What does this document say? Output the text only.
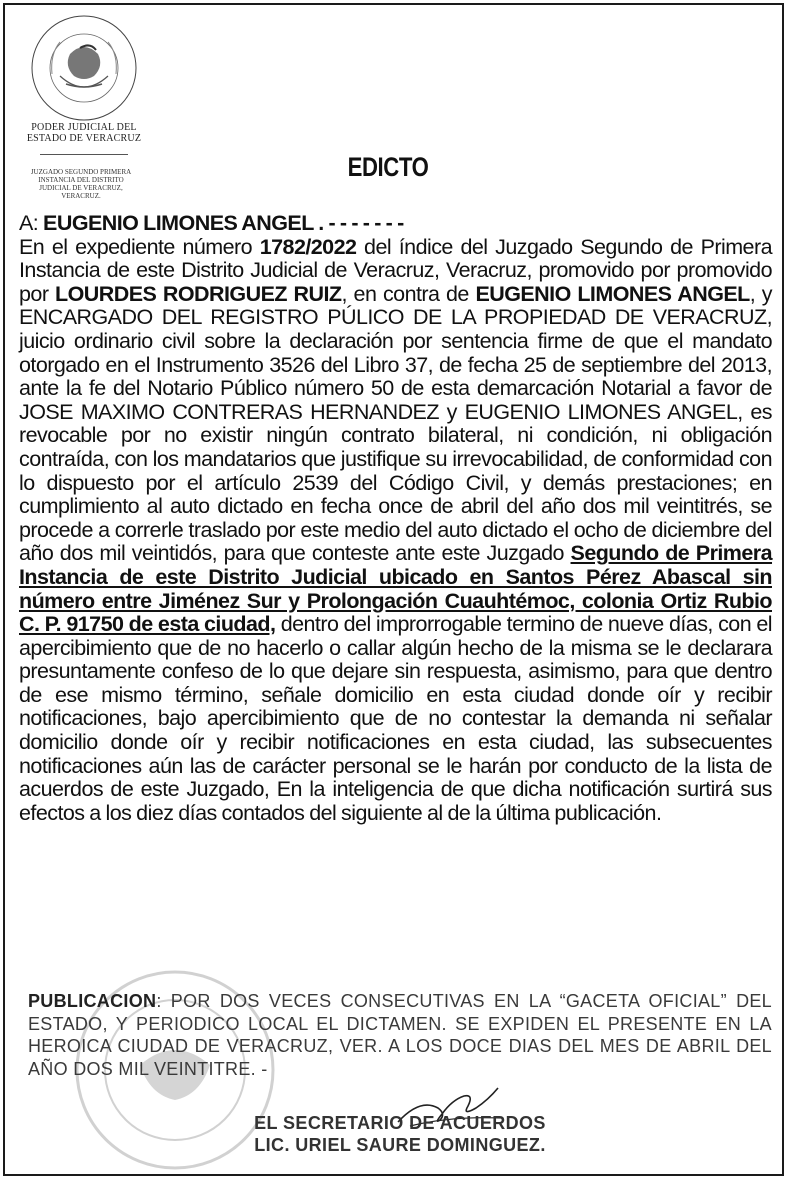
PODER JUDICIAL DEL ESTADO DE VERACRUZ
JUZGADO SEGUNDO PRIMERA INSTANCIA DEL DISTRITO JUDICIAL DE VERACRUZ, VERACRUZ.
EDICTO
A: EUGENIO LIMONES ANGEL . - - - - - - -
En el expediente número 1782/2022 del índice del Juzgado Segundo de Primera Instancia de este Distrito Judicial de Veracruz, Veracruz, promovido por promovido por LOURDES RODRIGUEZ RUIZ, en contra de EUGENIO LIMONES ANGEL, y ENCARGADO DEL REGISTRO PÚLICO DE LA PROPIEDAD DE VERACRUZ, juicio ordinario civil sobre la declaración por sentencia firme de que el mandato otorgado en el Instrumento 3526 del Libro 37, de fecha 25 de septiembre del 2013, ante la fe del Notario Público número 50 de esta demarcación Notarial a favor de JOSE MAXIMO CONTRERAS HERNANDEZ y EUGENIO LIMONES ANGEL, es revocable por no existir ningún contrato bilateral, ni condición, ni obligación contraída, con los mandatarios que justifique su irrevocabilidad, de conformidad con lo dispuesto por el artículo 2539 del Código Civil, y demás prestaciones; en cumplimiento al auto dictado en fecha once de abril del año dos mil veintitrés, se procede a correrle traslado por este medio del auto dictado el ocho de diciembre del año dos mil veintidós, para que conteste ante este Juzgado Segundo de Primera Instancia de este Distrito Judicial ubicado en Santos Pérez Abascal sin número entre Jiménez Sur y Prolongación Cuauhtémoc, colonia Ortiz Rubio C. P. 91750 de esta ciudad, dentro del improrrogable termino de nueve días, con el apercibimiento que de no hacerlo o callar algún hecho de la misma se le declarara presuntamente confeso de lo que dejare sin respuesta, asimismo, para que dentro de ese mismo término, señale domicilio en esta ciudad donde oír y recibir notificaciones, bajo apercibimiento que de no contestar la demanda ni señalar domicilio donde oír y recibir notificaciones en esta ciudad, las subsecuentes notificaciones aún las de carácter personal se le harán por conducto de la lista de acuerdos de este Juzgado, En la inteligencia de que dicha notificación surtirá sus efectos a los diez días contados del siguiente al de la última publicación.
PUBLICACION: POR DOS VECES CONSECUTIVAS EN LA “GACETA OFICIAL” DEL ESTADO, Y PERIODICO LOCAL EL DICTAMEN. SE EXPIDEN EL PRESENTE EN LA HEROICA CIUDAD DE VERACRUZ, VER. A LOS DOCE DIAS DEL MES DE ABRIL DEL AÑO DOS MIL VEINTITRE. -
EL SECRETARIO DE ACUERDOS
LIC. URIEL SAURE DOMINGUEZ.
